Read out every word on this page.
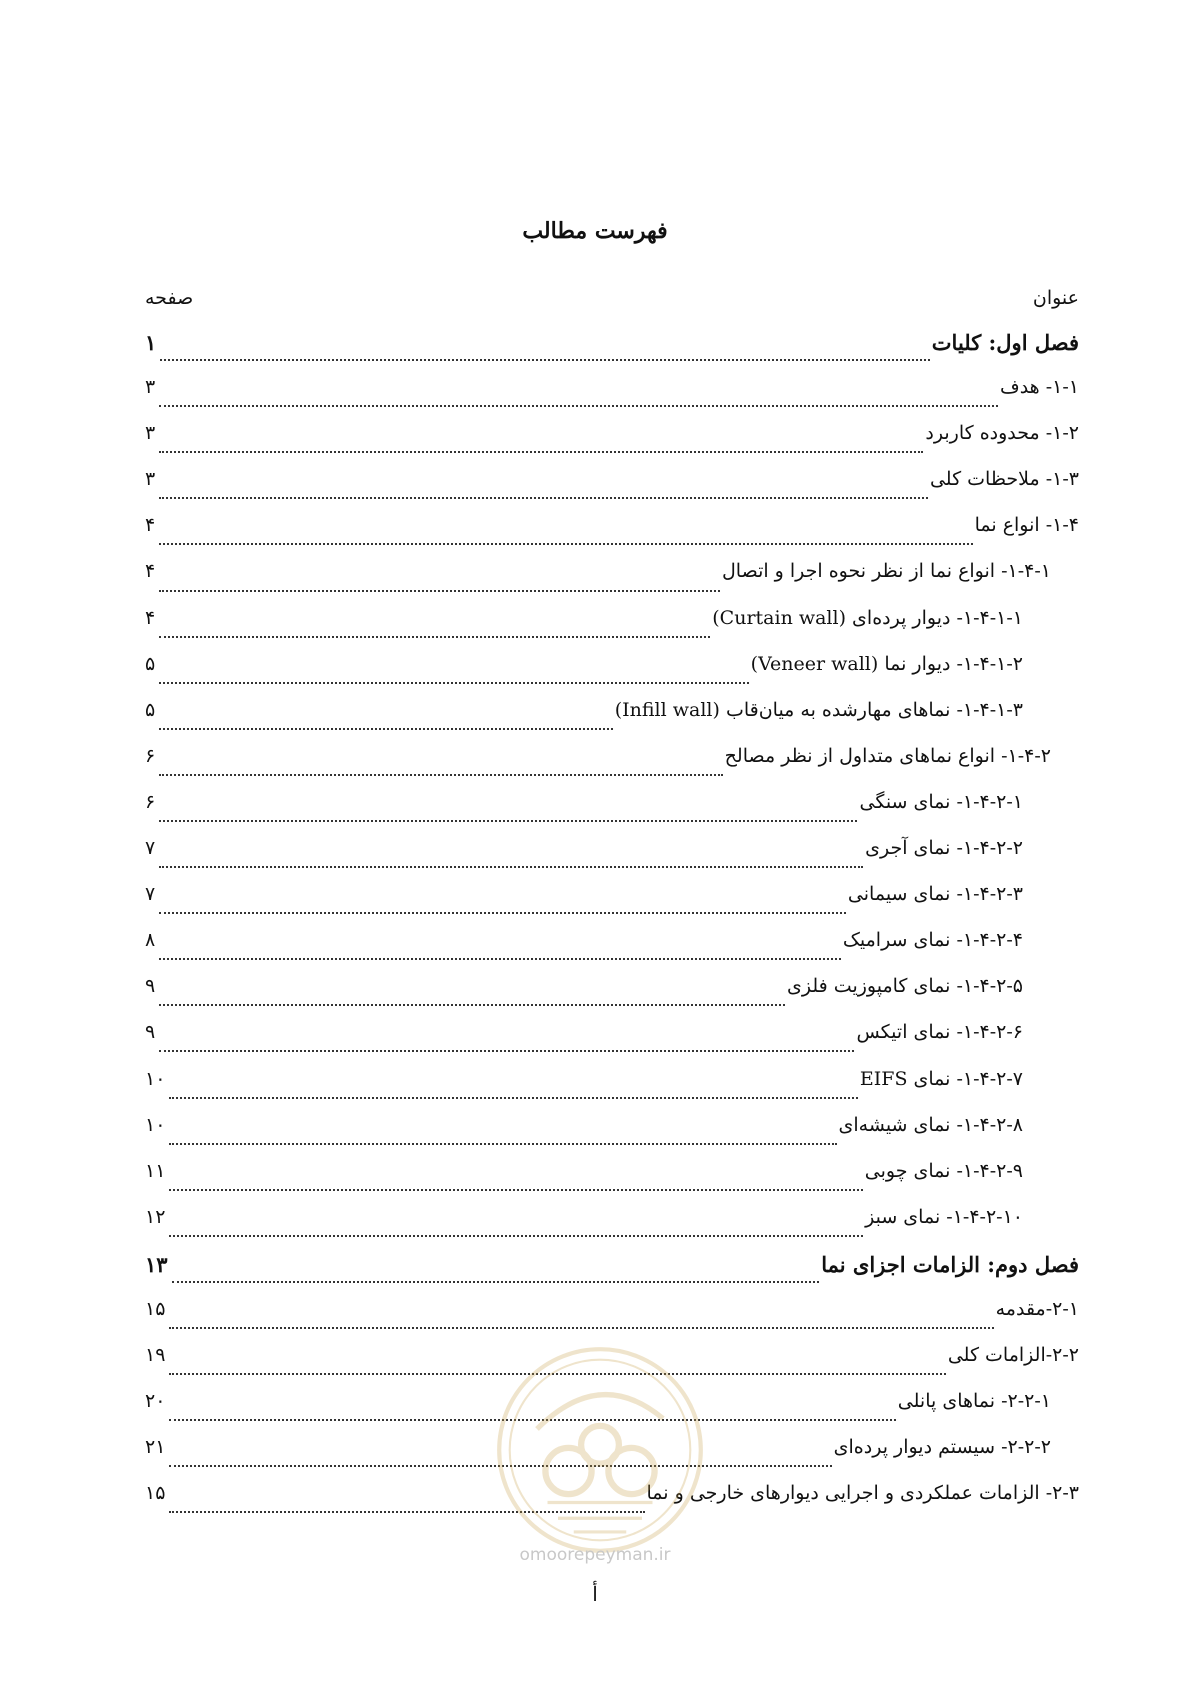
فهرست مطالب
عنوان
صفحه
فصل اول: کلیات
۱
۱-۱- هدف
۳
۱-۲- محدوده کاربرد
۳
۱-۳- ملاحظات کلی
۳
۱-۴- انواع نما
۴
۱-۴-۱- انواع نما از نظر نحوه اجرا و اتصال
۴
۱-۴-۱-۱- دیوار پرده‌ای (Curtain wall)
۴
۱-۴-۱-۲- دیوار نما (Veneer wall)
۵
۱-۴-۱-۳- نماهای مهارشده به میان‌قاب (Infill wall)
۵
۱-۴-۲- انواع نماهای متداول از نظر مصالح
۶
۱-۴-۲-۱- نمای سنگی
۶
۱-۴-۲-۲- نمای آجری
۷
۱-۴-۲-۳- نمای سیمانی
۷
۱-۴-۲-۴- نمای سرامیک
۸
۱-۴-۲-۵- نمای کامپوزیت فلزی
۹
۱-۴-۲-۶- نمای اتیکس
۹
۱-۴-۲-۷- نمای EIFS
۱۰
۱-۴-۲-۸- نمای شیشه‌ای
۱۰
۱-۴-۲-۹- نمای چوبی
۱۱
۱-۴-۲-۱۰- نمای سبز
۱۲
فصل دوم: الزامات اجزای نما
۱۳
۲-۱-مقدمه
۱۵
۲-۲-الزامات کلی
۱۹
۲-۲-۱- نماهای پانلی
۲۰
۲-۲-۲- سیستم دیوار پرده‌ای
۲۱
۲-۳- الزامات عملکردی و اجرایی دیوارهای خارجی و نما
۱۵
omoorepeyman.ir
أ
